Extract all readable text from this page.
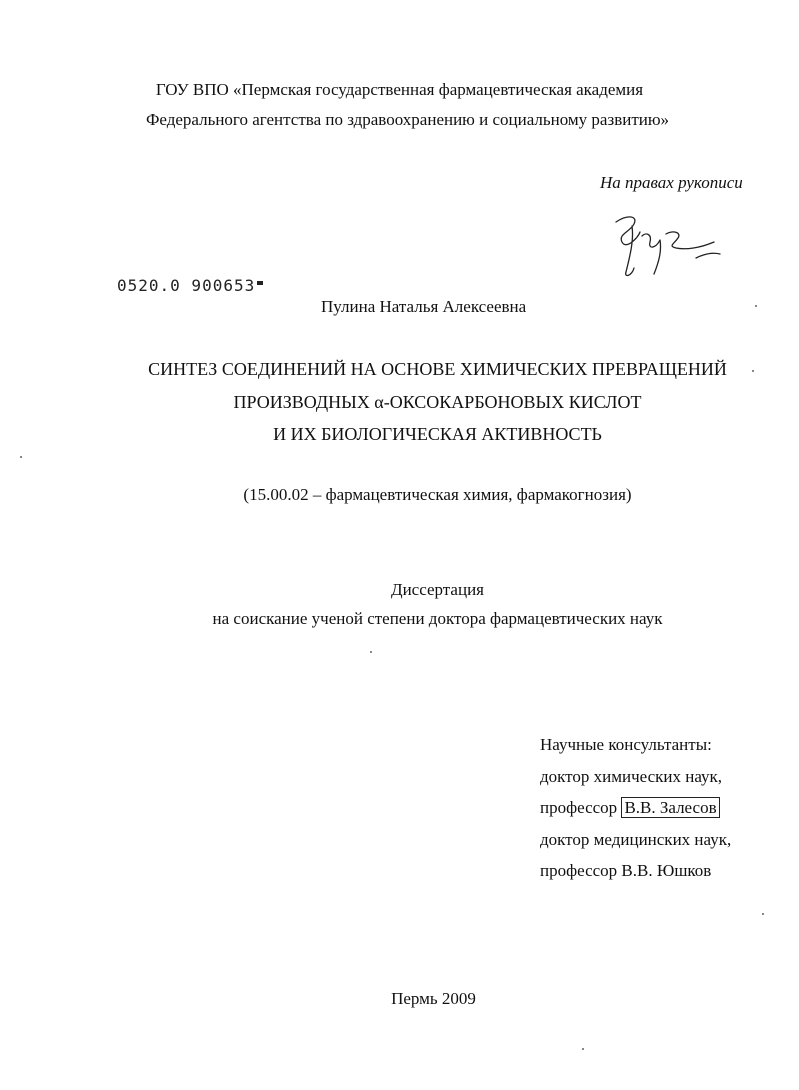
ГОУ ВПО «Пермская государственная фармацевтическая академия
Федерального агентства по здравоохранению и социальному развитию»
На правах рукописи
0520.0 900653
Пулина Наталья Алексеевна
СИНТЕЗ СОЕДИНЕНИЙ НА ОСНОВЕ ХИМИЧЕСКИХ ПРЕВРАЩЕНИЙ
ПРОИЗВОДНЫХ α-ОКСОКАРБОНОВЫХ КИСЛОТ
И ИХ БИОЛОГИЧЕСКАЯ АКТИВНОСТЬ
(15.00.02 – фармацевтическая химия, фармакогнозия)
Диссертация
на соискание ученой степени доктора фармацевтических наук
Научные консультанты:
доктор химических наук,
профессор В.В. Залесов
доктор медицинских наук,
профессор В.В. Юшков
Пермь 2009
